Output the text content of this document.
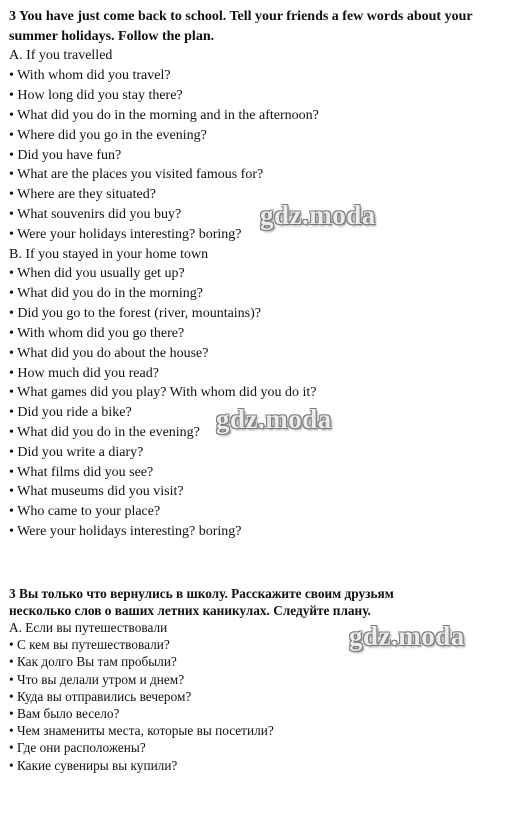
3 You have just come back to school. Tell your friends a few words about your
summer holidays. Follow the plan.
A. If you travelled
• With whom did you travel?
• How long did you stay there?
• What did you do in the morning and in the afternoon?
• Where did you go in the evening?
• Did you have fun?
• What are the places you visited famous for?
• Where are they situated?
• What souvenirs did you buy?
• Were your holidays interesting? boring?
B. If you stayed in your home town
• When did you usually get up?
• What did you do in the morning?
• Did you go to the forest (river, mountains)?
• With whom did you go there?
• What did you do about the house?
• How much did you read?
• What games did you play? With whom did you do it?
• Did you ride a bike?
• What did you do in the evening?
• Did you write a diary?
• What films did you see?
• What museums did you visit?
• Who came to your place?
• Were your holidays interesting? boring?
3 Вы только что вернулись в школу. Расскажите своим друзьям
несколько слов о ваших летних каникулах. Следуйте плану.
А. Если вы путешествовали
• С кем вы путешествовали?
• Как долго Вы там пробыли?
• Что вы делали утром и днем?
• Куда вы отправились вечером?
• Вам было весело?
• Чем знамениты места, которые вы посетили?
• Где они расположены?
• Какие сувениры вы купили?
gdz.moda
gdz.moda
gdz.moda
